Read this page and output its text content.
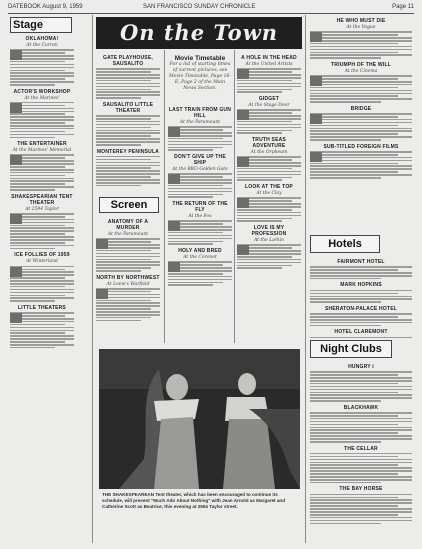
DATEBOOK August 9, 1959	SAN FRANCISCO SUNDAY CHRONICLE	Page 11
Stage
OKLAHOMA!
At the Curran
ACTOR'S WORKSHOP
At the Marines'
THE ENTERTAINER
At the Marines' Memorial
SHAKESPEARIAN TENT THEATER
At 2594 Taylor
ICE FOLLIES OF 1959
At Winterland
LITTLE THEATERS
On the Town
GATE PLAYHOUSE, SAUSALITO
SAUSALITO LITTLE THEATER
MONTEREY PENINSULA
Screen
ANATOMY OF A MURDER
At the Paramount
NORTH BY NORTHWEST
At Loew's Warfield
Movie Timetable
For a list of starting times of current pictures, see Movie Timetable, Page 16-E, Page 2 of the Main News Section.
LAST TRAIN FROM GUN HILL
At the Paramount
DON'T GIVE UP THE SHIP
At the RKO-Golden Gate
THE RETURN OF THE FLY
At the Fox
HOLY AND BRED
At the Coronet
A HOLE IN THE HEAD
At the United Artists
GIDGET
At the Stage Door
TRUTH SEAS ADVENTURE
At the Orpheum
LOOK AT THE TOP
At the Clay
LOVE IS MY PROFESSION
At the Larkin
HE WHO MUST DIE
At the Vogue
TRIUMPH OF THE WILL
At the Cinema
BRIDGE
SUB-TITLED FOREIGN FILMS
Hotels
FAIRMONT HOTEL
MARK HOPKINS
SHERATON-PALACE HOTEL
HOTEL CLAREMONT
Night Clubs
HUNGRY i
BLACKHAWK
THE CELLAR
THE BAY HORSE
THE SHAKESPEAREAN Tent theater, which has been encouraged to continue its schedule, will present "Much Ado About Nothing" with Jean Arnold as Margaret and Catherine Scott as Beatrice, this evening at 2594 Taylor street.
